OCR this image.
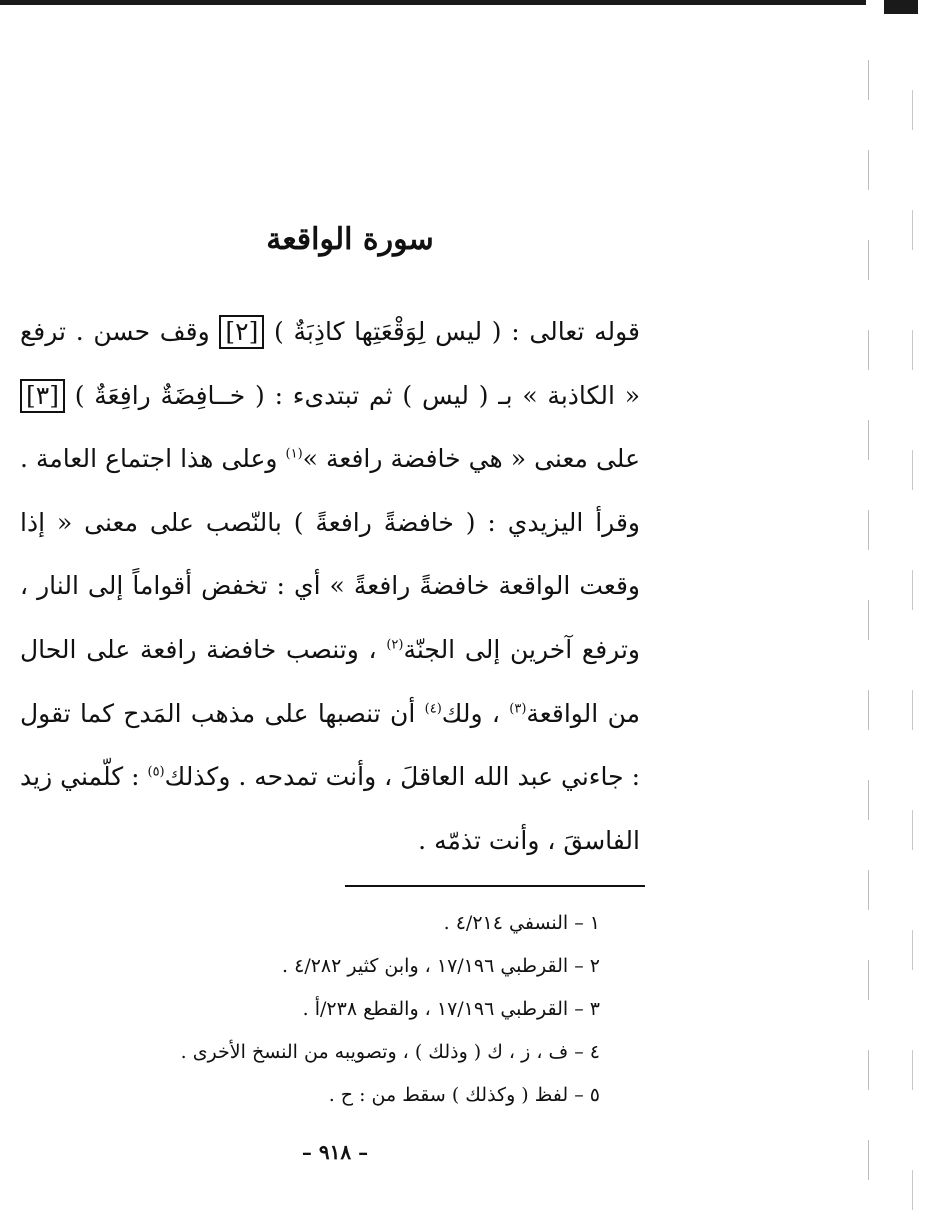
سورة الواقعة

قوله تعالى : ( ليس لِوَقْعَتِها كاذِبَةٌ ) [٢] وقف حسن . ترفع « الكاذبة » بـ ( ليس ) ثم تبتدىء : ( خــافِضَةٌ رافِعَةٌ ) [٣] على معنى « هي خافضة رافعة »$^{(١)}$ وعلى هذا اجتماع العامة . وقرأ اليزيدي : ( خافضةً رافعةً ) بالنّصب على معنى « إذا وقعت الواقعة خافضةً رافعةً » أي : تخفض أقواماً إلى النار ، وترفع آخرين إلى الجنّة$^{(٢)}$ ، وتنصب خافضة رافعة على الحال من الواقعة$^{(٣)}$ ، ولك$^{(٤)}$ أن تنصبها على مذهب المَدح كما تقول : جاءني عبد الله العاقلَ ، وأنت تمدحه . وكذلك$^{(٥)}$ : كلّمني زيد الفاسقَ ، وأنت تذمّه .

١ – النسفي ٤/٢١٤ .
٢ – القرطبي ١٧/١٩٦ ، وابن كثير ٤/٢٨٢ .
٣ – القرطبي ١٧/١٩٦ ، والقطع ٢٣٨/أ .
٤ – ف ، ز ، ك ( وذلك ) ، وتصويبه من النسخ الأخرى .
٥ – لفظ ( وكذلك ) سقط من : ح .
– ٩١٨ –
